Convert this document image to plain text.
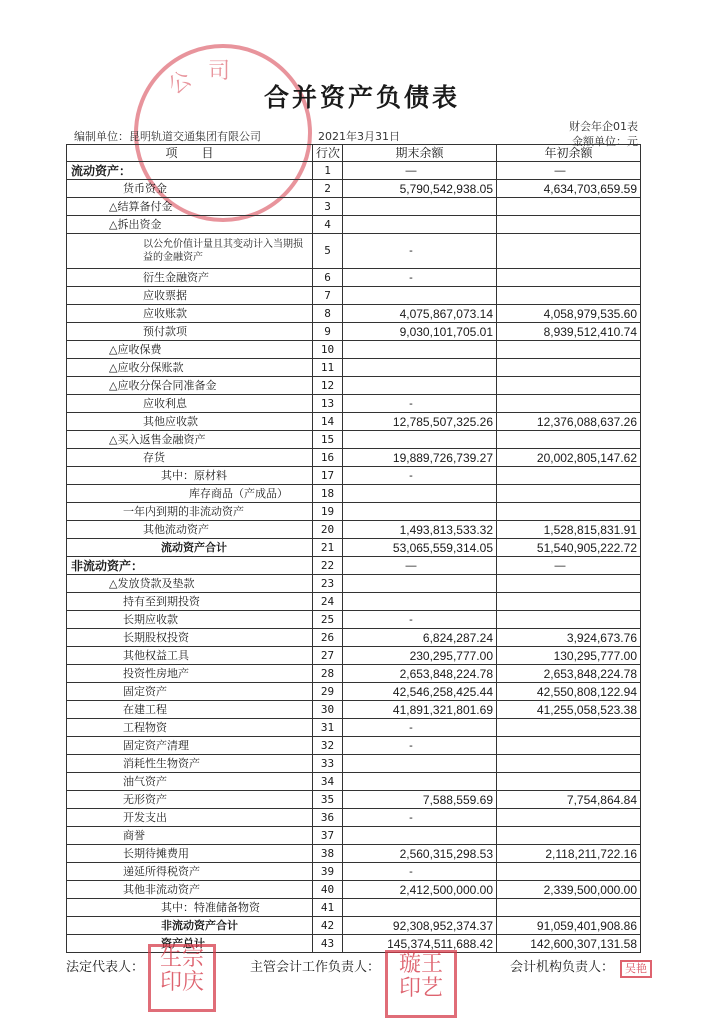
公 司
合并资产负债表
财会年企01表
金额单位：元
编制单位：昆明轨道交通集团有限公司	2021年3月31日
项　　目	行次	期末余额	年初余额
流动资产：	1	—	—
货币资金	2	5,790,542,938.05	4,634,703,659.59
△结算备付金	3		
△拆出资金	4		
以公允价值计量且其变动计入当期损益的金融资产	5	-	
衍生金融资产	6	-	
应收票据	7		
应收账款	8	4,075,867,073.14	4,058,979,535.60
预付款项	9	9,030,101,705.01	8,939,512,410.74
△应收保费	10		
△应收分保账款	11		
△应收分保合同准备金	12		
应收利息	13	-	
其他应收款	14	12,785,507,325.26	12,376,088,637.26
△买入返售金融资产	15		
存货	16	19,889,726,739.27	20,002,805,147.62
其中：原材料	17	-	
库存商品（产成品）	18		
一年内到期的非流动资产	19		
其他流动资产	20	1,493,813,533.32	1,528,815,831.91
流动资产合计	21	53,065,559,314.05	51,540,905,222.72
非流动资产：	22	—	—
△发放贷款及垫款	23		
持有至到期投资	24		
长期应收款	25	-	
长期股权投资	26	6,824,287.24	3,924,673.76
其他权益工具	27	230,295,777.00	130,295,777.00
投资性房地产	28	2,653,848,224.78	2,653,848,224.78
固定资产	29	42,546,258,425.44	42,550,808,122.94
在建工程	30	41,891,321,801.69	41,255,058,523.38
工程物资	31	-	
固定资产清理	32	-	
消耗性生物资产	33		
油气资产	34		
无形资产	35	7,588,559.69	7,754,864.84
开发支出	36	-	
商誉	37		
长期待摊费用	38	2,560,315,298.53	2,118,211,722.16
递延所得税资产	39	-	
其他非流动资产	40	2,412,500,000.00	2,339,500,000.00
其中：特准储备物资	41		
非流动资产合计	42	92,308,952,374.37	91,059,401,908.86
资产总计	43	145,374,511,688.42	142,600,307,131.58
法定代表人：	主管会计工作负责人：	会计机构负责人：
生宗
印庆
璇王
印艺
吴艳
